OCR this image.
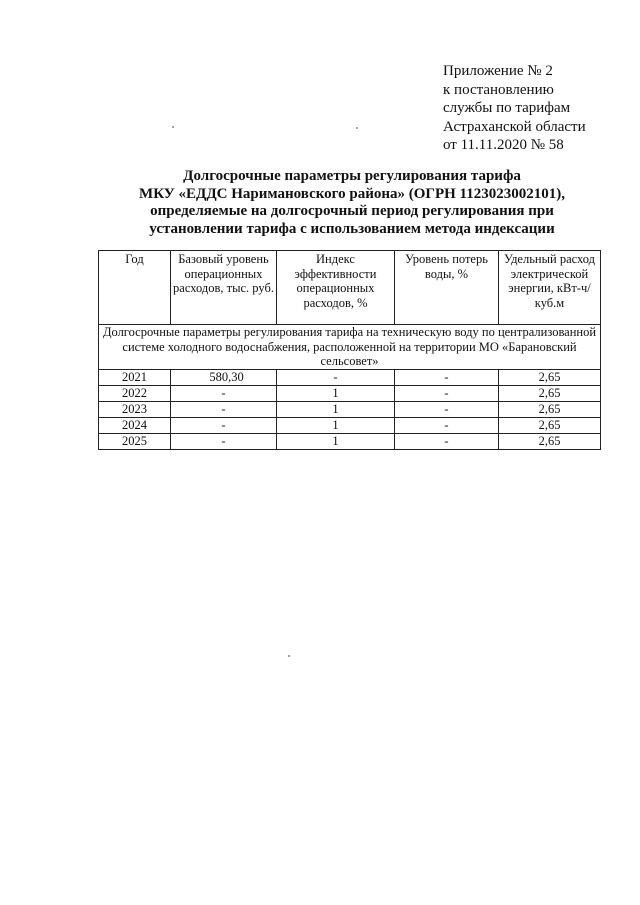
Приложение № 2
к постановлению
службы по тарифам
Астраханской области
от 11.11.2020 № 58
Долгосрочные параметры регулирования тарифа
МКУ «ЕДДС Наримановского района» (ОГРН 1123023002101),
определяемые на долгосрочный период регулирования при
установлении тарифа с использованием метода индексации
Год	Базовый уровень операционных расходов, тыс. руб.	Индекс эффективности операционных расходов, %	Уровень потерь воды, %	Удельный расход электрической энергии, кВт-ч/куб.м
Долгосрочные параметры регулирования тарифа на техническую воду по централизованной системе холодного водоснабжения, расположенной на территории МО «Барановский сельсовет»				
2021	580,30	-	-	2,65
2022	-	1	-	2,65
2023	-	1	-	2,65
2024	-	1	-	2,65
2025	-	1	-	2,65
